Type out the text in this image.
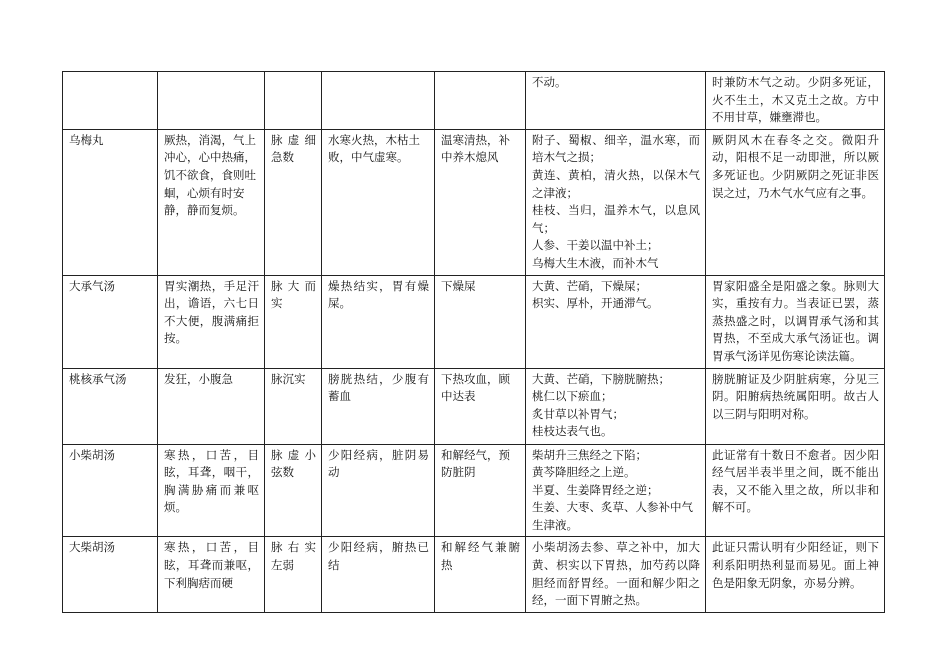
					不动。	时兼防木气之动。少阴多死证，火不生土，木又克土之故。方中不用甘草，嫌壅滞也。
乌梅丸	厥热，消渴，气上冲心，心中热痛，饥不欲食，食则吐蛔，心烦有时安静，静而复烦。	脉虚细急数	水寒火热，木枯土败，中气虚寒。	温寒清热，补中养木熄风	附子、蜀椒、细辛，温水寒，而培木气之损；
黄连、黄柏，清火热，以保木气之津液；
桂枝、当归，温养木气，以息风气；
人参、干姜以温中补土；
乌梅大生木液，而补木气	厥阴风木在春冬之交。微阳升动，阳根不足一动即泄，所以厥多死证也。少阴厥阴之死证非医误之过，乃木气水气应有之事。
大承气汤	胃实潮热，手足汗出，谵语，六七日不大便，腹满痛拒按。	脉大而实	燥热结实，胃有燥屎。	下燥屎	大黄、芒硝，下燥屎；
枳实、厚朴，开通滞气。	胃家阳盛全是阳盛之象。脉则大实，重按有力。当表证已罢，蒸蒸热盛之时，以调胃承气汤和其胃热，不至成大承气汤证也。调胃承气汤详见伤寒论读法篇。
桃核承气汤	发狂，小腹急	脉沉实	膀胱热结，少腹有蓄血	下热攻血，顾中达表	大黄、芒硝，下膀胱腑热；
桃仁以下瘀血；
炙甘草以补胃气；
桂枝达表气也。	膀胱腑证及少阴脏病寒，分见三阴。阳腑病热统属阳明。故古人以三阴与阳明对称。
小柴胡汤	寒热，口苦，目眩，耳聋，咽干，胸满胁痛而兼呕烦。	脉虚小弦数	少阳经病，脏阴易动	和解经气，预防脏阴	柴胡升三焦经之下陷；
黄芩降胆经之上逆。
半夏、生姜降胃经之逆；
生姜、大枣、炙草、人参补中气生津液。	此证常有十数日不愈者。因少阳经气居半表半里之间，既不能出表，又不能入里之故，所以非和解不可。
大柴胡汤	寒热，口苦，目眩，耳聋而兼呕，下利胸痞而硬	脉右实左弱	少阳经病，腑热已结	和解经气兼腑热	小柴胡汤去参、草之补中，加大黄、枳实以下胃热，加芍药以降胆经而舒胃经。一面和解少阳之经，一面下胃腑之热。	此证只需认明有少阳经证，则下利系阳明热利显而易见。面上神色是阳象无阴象，亦易分辨。
